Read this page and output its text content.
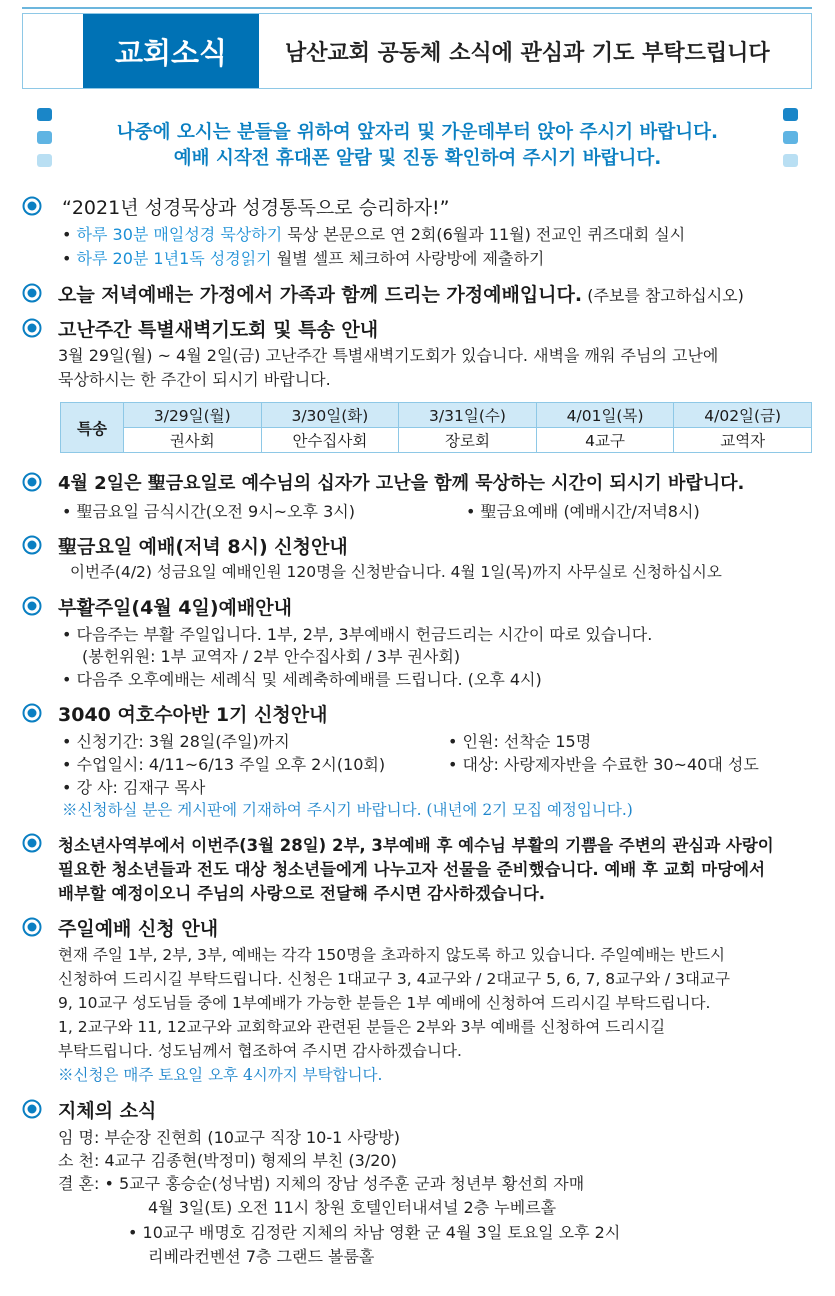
교회소식	남산교회 공동체 소식에 관심과 기도 부탁드립니다
나중에 오시는 분들을 위하여 앞자리 및 가운데부터 앉아 주시기 바랍니다.
예배 시작전 휴대폰 알람 및 진동 확인하여 주시기 바랍니다.
“2021년 성경묵상과 성경통독으로 승리하자!”
• 하루 30분 매일성경 묵상하기 묵상 본문으로 연 2회(6월과 11월) 전교인 퀴즈대회 실시
• 하루 20분 1년1독 성경읽기 월별 셀프 체크하여 사랑방에 제출하기
오늘 저녁예배는 가정에서 가족과 함께 드리는 가정예배입니다. (주보를 참고하십시오)
고난주간 특별새벽기도회 및 특송 안내
3월 29일(월) ~ 4월 2일(금) 고난주간 특별새벽기도회가 있습니다. 새벽을 깨워 주님의 고난에
묵상하시는 한 주간이 되시기 바랍니다.
특송	3/29일(월)	3/30일(화)	3/31일(수)	4/01일(목)	4/02일(금)
	권사회	안수집사회	장로회	4교구	교역자
4월 2일은 聖금요일로 예수님의 십자가 고난을 함께 묵상하는 시간이 되시기 바랍니다.
• 聖금요일 금식시간(오전 9시~오후 3시)	• 聖금요예배 (예배시간/저녁8시)
聖금요일 예배(저녁 8시) 신청안내
이번주(4/2) 성금요일 예배인원 120명을 신청받습니다. 4월 1일(목)까지 사무실로 신청하십시오
부활주일(4월 4일)예배안내
• 다음주는 부활 주일입니다. 1부, 2부, 3부예배시 헌금드리는 시간이 따로 있습니다.
(봉헌위원: 1부 교역자 / 2부 안수집사회 / 3부 권사회)
• 다음주 오후예배는 세례식 및 세례축하예배를 드립니다. (오후 4시)
3040 여호수아반 1기 신청안내
• 신청기간: 3월 28일(주일)까지	• 인원: 선착순 15명
• 수업일시: 4/11~6/13 주일 오후 2시(10회)	• 대상: 사랑제자반을 수료한 30~40대 성도
• 강 사: 김재구 목사
※신청하실 분은 게시판에 기재하여 주시기 바랍니다. (내년에 2기 모집 예정입니다.)
청소년사역부에서 이번주(3월 28일) 2부, 3부예배 후 예수님 부활의 기쁨을 주변의 관심과 사랑이
필요한 청소년들과 전도 대상 청소년들에게 나누고자 선물을 준비했습니다. 예배 후 교회 마당에서
배부할 예정이오니 주님의 사랑으로 전달해 주시면 감사하겠습니다.
주일예배 신청 안내
현재 주일 1부, 2부, 3부, 예배는 각각 150명을 초과하지 않도록 하고 있습니다. 주일예배는 반드시
신청하여 드리시길 부탁드립니다. 신청은 1대교구 3, 4교구와 / 2대교구 5, 6, 7, 8교구와 / 3대교구
9, 10교구 성도님들 중에 1부예배가 가능한 분들은 1부 예배에 신청하여 드리시길 부탁드립니다.
1, 2교구와 11, 12교구와 교회학교와 관련된 분들은 2부와 3부 예배를 신청하여 드리시길
부탁드립니다. 성도님께서 협조하여 주시면 감사하겠습니다.
※신청은 매주 토요일 오후 4시까지 부탁합니다.
지체의 소식
임 명: 부순장 진현희 (10교구 직장 10-1 사랑방)
소 천: 4교구 김종현(박정미) 형제의 부친 (3/20)
결 혼: • 5교구 홍승순(성낙범) 지체의 장남 성주훈 군과 청년부 황선희 자매
4월 3일(토) 오전 11시 창원 호텔인터내셔널 2층 누베르홀
• 10교구 배명호 김정란 지체의 차남 영환 군 4월 3일 토요일 오후 2시
리베라컨벤션 7층 그랜드 볼룸홀
